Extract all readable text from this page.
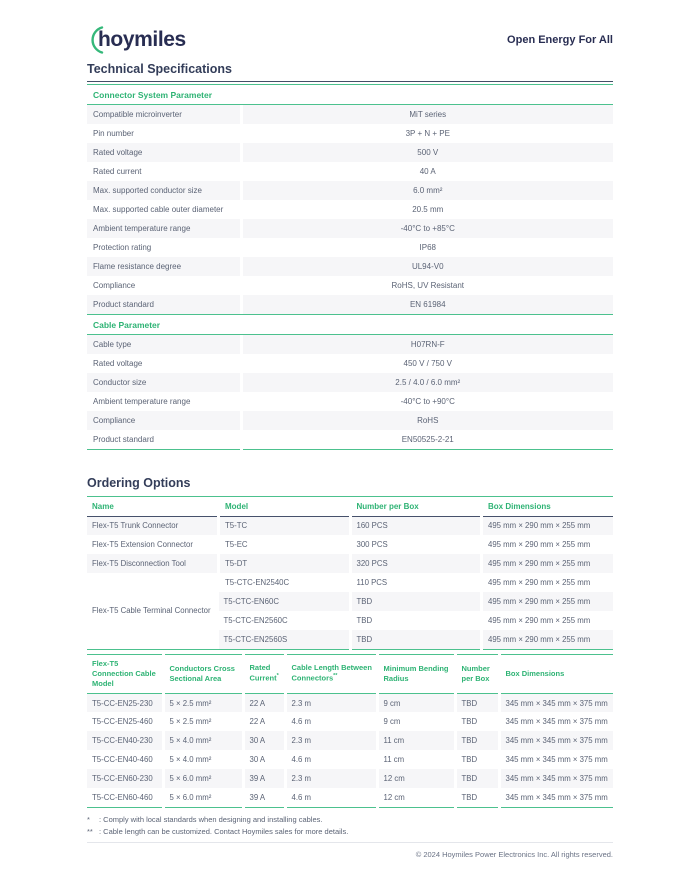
hoymiles	Open Energy For All
Technical Specifications
Connector System Parameter
Compatible microinverter	MiT series
Pin number	3P + N + PE
Rated voltage	500 V
Rated current	40 A
Max. supported conductor size	6.0 mm²
Max. supported cable outer diameter	20.5 mm
Ambient temperature range	-40°C to +85°C
Protection rating	IP68
Flame resistance degree	UL94-V0
Compliance	RoHS, UV Resistant
Product standard	EN 61984
Cable Parameter
Cable type	H07RN-F
Rated voltage	450 V / 750 V
Conductor size	2.5 / 4.0 / 6.0 mm²
Ambient temperature range	-40°C to +90°C
Compliance	RoHS
Product standard	EN50525-2-21
Ordering Options
Name	Model	Number per Box	Box Dimensions
Flex-T5 Trunk Connector	T5-TC	160 PCS	495 mm × 290 mm × 255 mm
Flex-T5 Extension Connector	T5-EC	300 PCS	495 mm × 290 mm × 255 mm
Flex-T5 Disconnection Tool	T5-DT	320 PCS	495 mm × 290 mm × 255 mm
Flex-T5 Cable Terminal Connector	T5-CTC-EN2540C	110 PCS	495 mm × 290 mm × 255 mm
	T5-CTC-EN60C	TBD	495 mm × 290 mm × 255 mm
	T5-CTC-EN2560C	TBD	495 mm × 290 mm × 255 mm
	T5-CTC-EN2560S	TBD	495 mm × 290 mm × 255 mm
Flex-T5 Connection Cable Model	Conductors Cross Sectional Area	Rated Current*	Cable Length Between Connectors**	Minimum Bending Radius	Number per Box	Box Dimensions
T5-CC-EN25-230	5 × 2.5 mm²	22 A	2.3 m	9 cm	TBD	345 mm × 345 mm × 375 mm
T5-CC-EN25-460	5 × 2.5 mm²	22 A	4.6 m	9 cm	TBD	345 mm × 345 mm × 375 mm
T5-CC-EN40-230	5 × 4.0 mm²	30 A	2.3 m	11 cm	TBD	345 mm × 345 mm × 375 mm
T5-CC-EN40-460	5 × 4.0 mm²	30 A	4.6 m	11 cm	TBD	345 mm × 345 mm × 375 mm
T5-CC-EN60-230	5 × 6.0 mm²	39 A	2.3 m	12 cm	TBD	345 mm × 345 mm × 375 mm
T5-CC-EN60-460	5 × 6.0 mm²	39 A	4.6 m	12 cm	TBD	345 mm × 345 mm × 375 mm
*	: Comply with local standards when designing and installing cables.
** : Cable length can be customized. Contact Hoymiles sales for more details.
© 2024 Hoymiles Power Electronics Inc. All rights reserved.
